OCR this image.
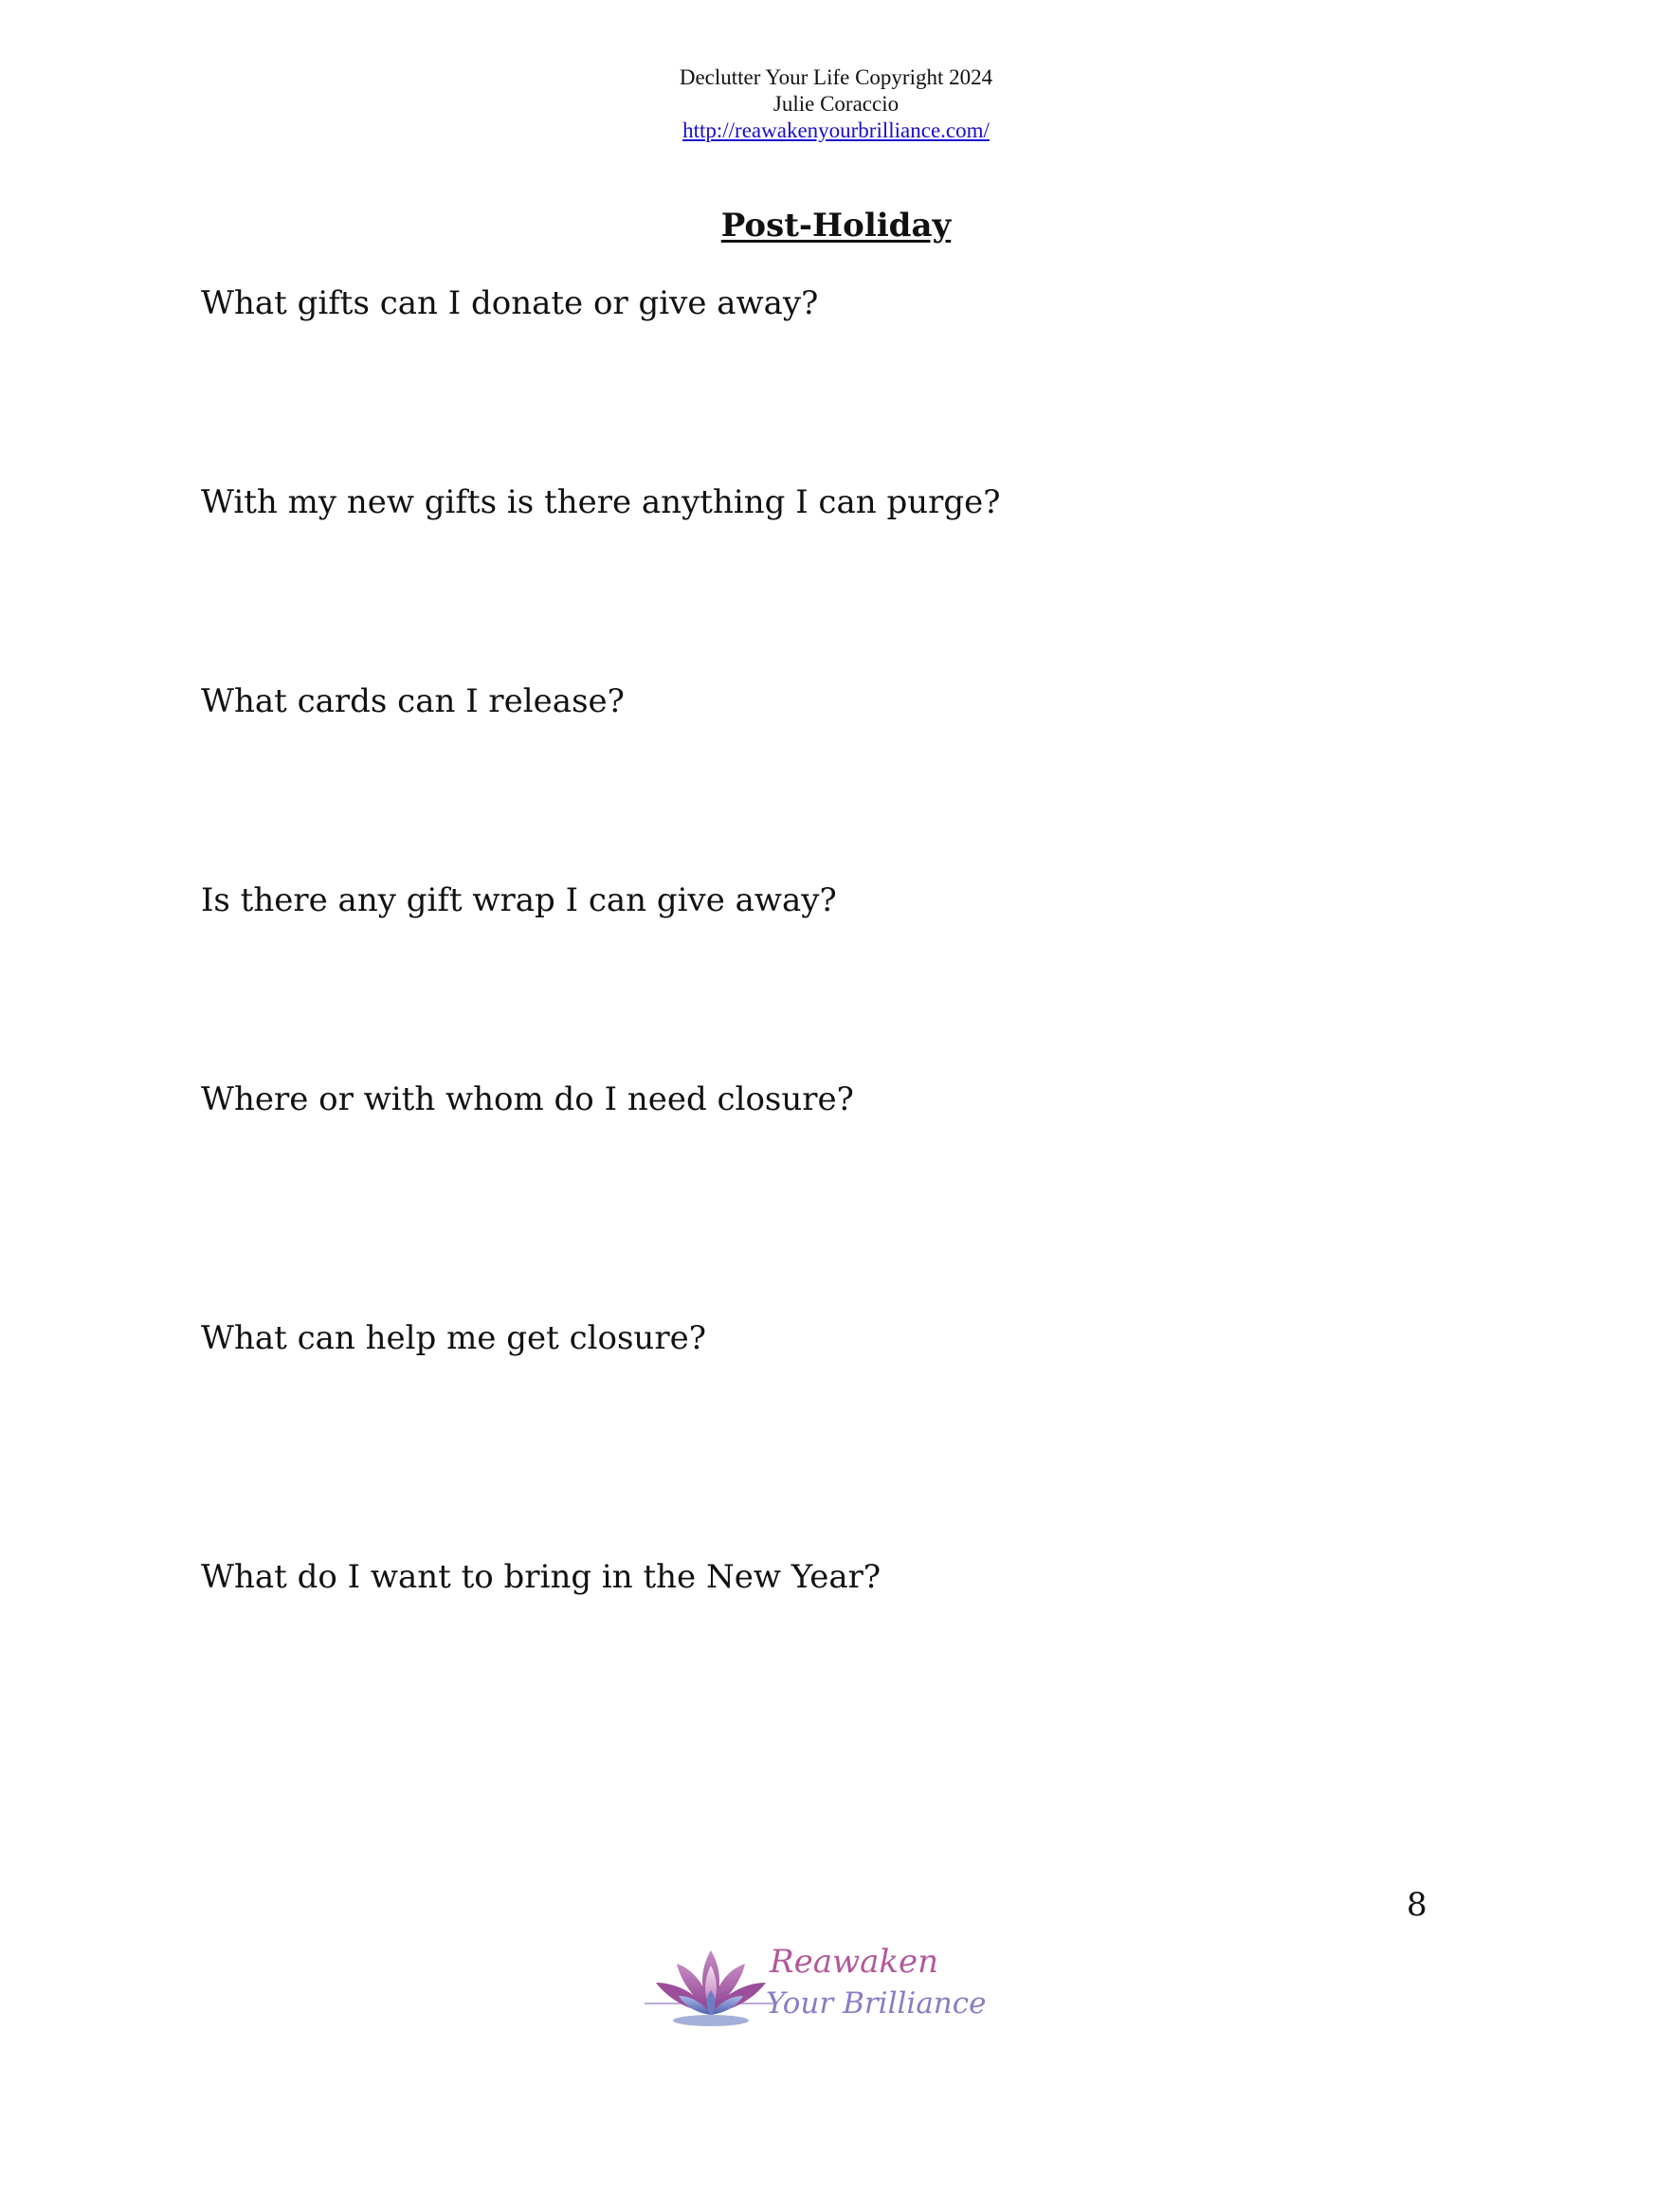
Declutter Your Life Copyright 2024
Julie Coraccio
http://reawakenyourbrilliance.com/
Post-Holiday
What gifts can I donate or give away?
With my new gifts is there anything I can purge?
What cards can I release?
Is there any gift wrap I can give away?
Where or with whom do I need closure?
What can help me get closure?
What do I want to bring in the New Year?
8
Reawaken
Your Brilliance
